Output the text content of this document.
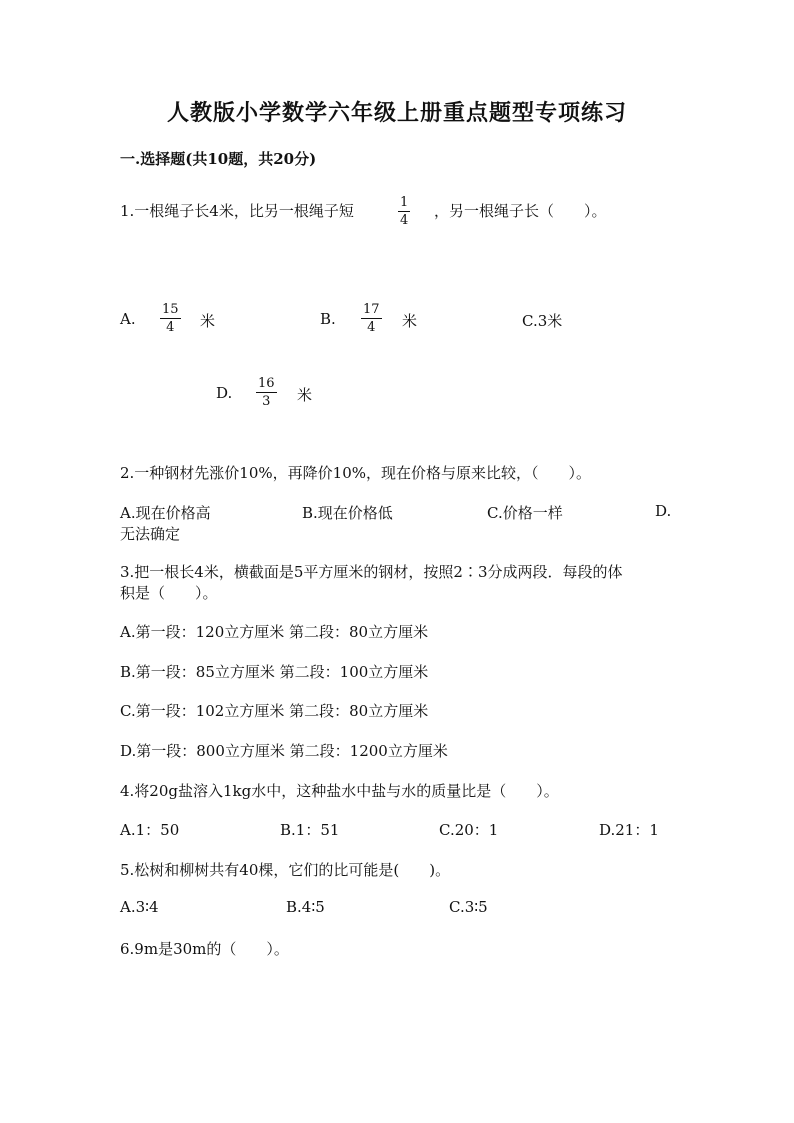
人教版小学数学六年级上册重点题型专项练习
一.选择题(共10题，共20分)
1.一根绳子长4米，比另一根绳子短	1
4
，另一根绳子长（　　）。
A.
15
4 米	B.
17
4 米	C.3米
D.
16
3 米
2.一种钢材先涨价10%，再降价10%，现在价格与原来比较，（　　）。
A.现在价格高	B.现在价格低	C.价格一样	D.
无法确定
3.把一根长4米，横截面是5平方厘米的钢材，按照2∶3分成两段．每段的体
积是（　　）。
A.第一段：120立方厘米 第二段：80立方厘米
B.第一段：85立方厘米 第二段：100立方厘米
C.第一段：102立方厘米 第二段：80立方厘米
D.第一段：800立方厘米 第二段：1200立方厘米
4.将20g盐溶入1kg水中，这种盐水中盐与水的质量比是（　　）。
A.1：50	B.1：51	C.20：1	D.21：1
5.松树和柳树共有40棵，它们的比可能是(　　)。
A.3∶4	B.4∶5	C.3∶5
6.9m是30m的（　　）。
